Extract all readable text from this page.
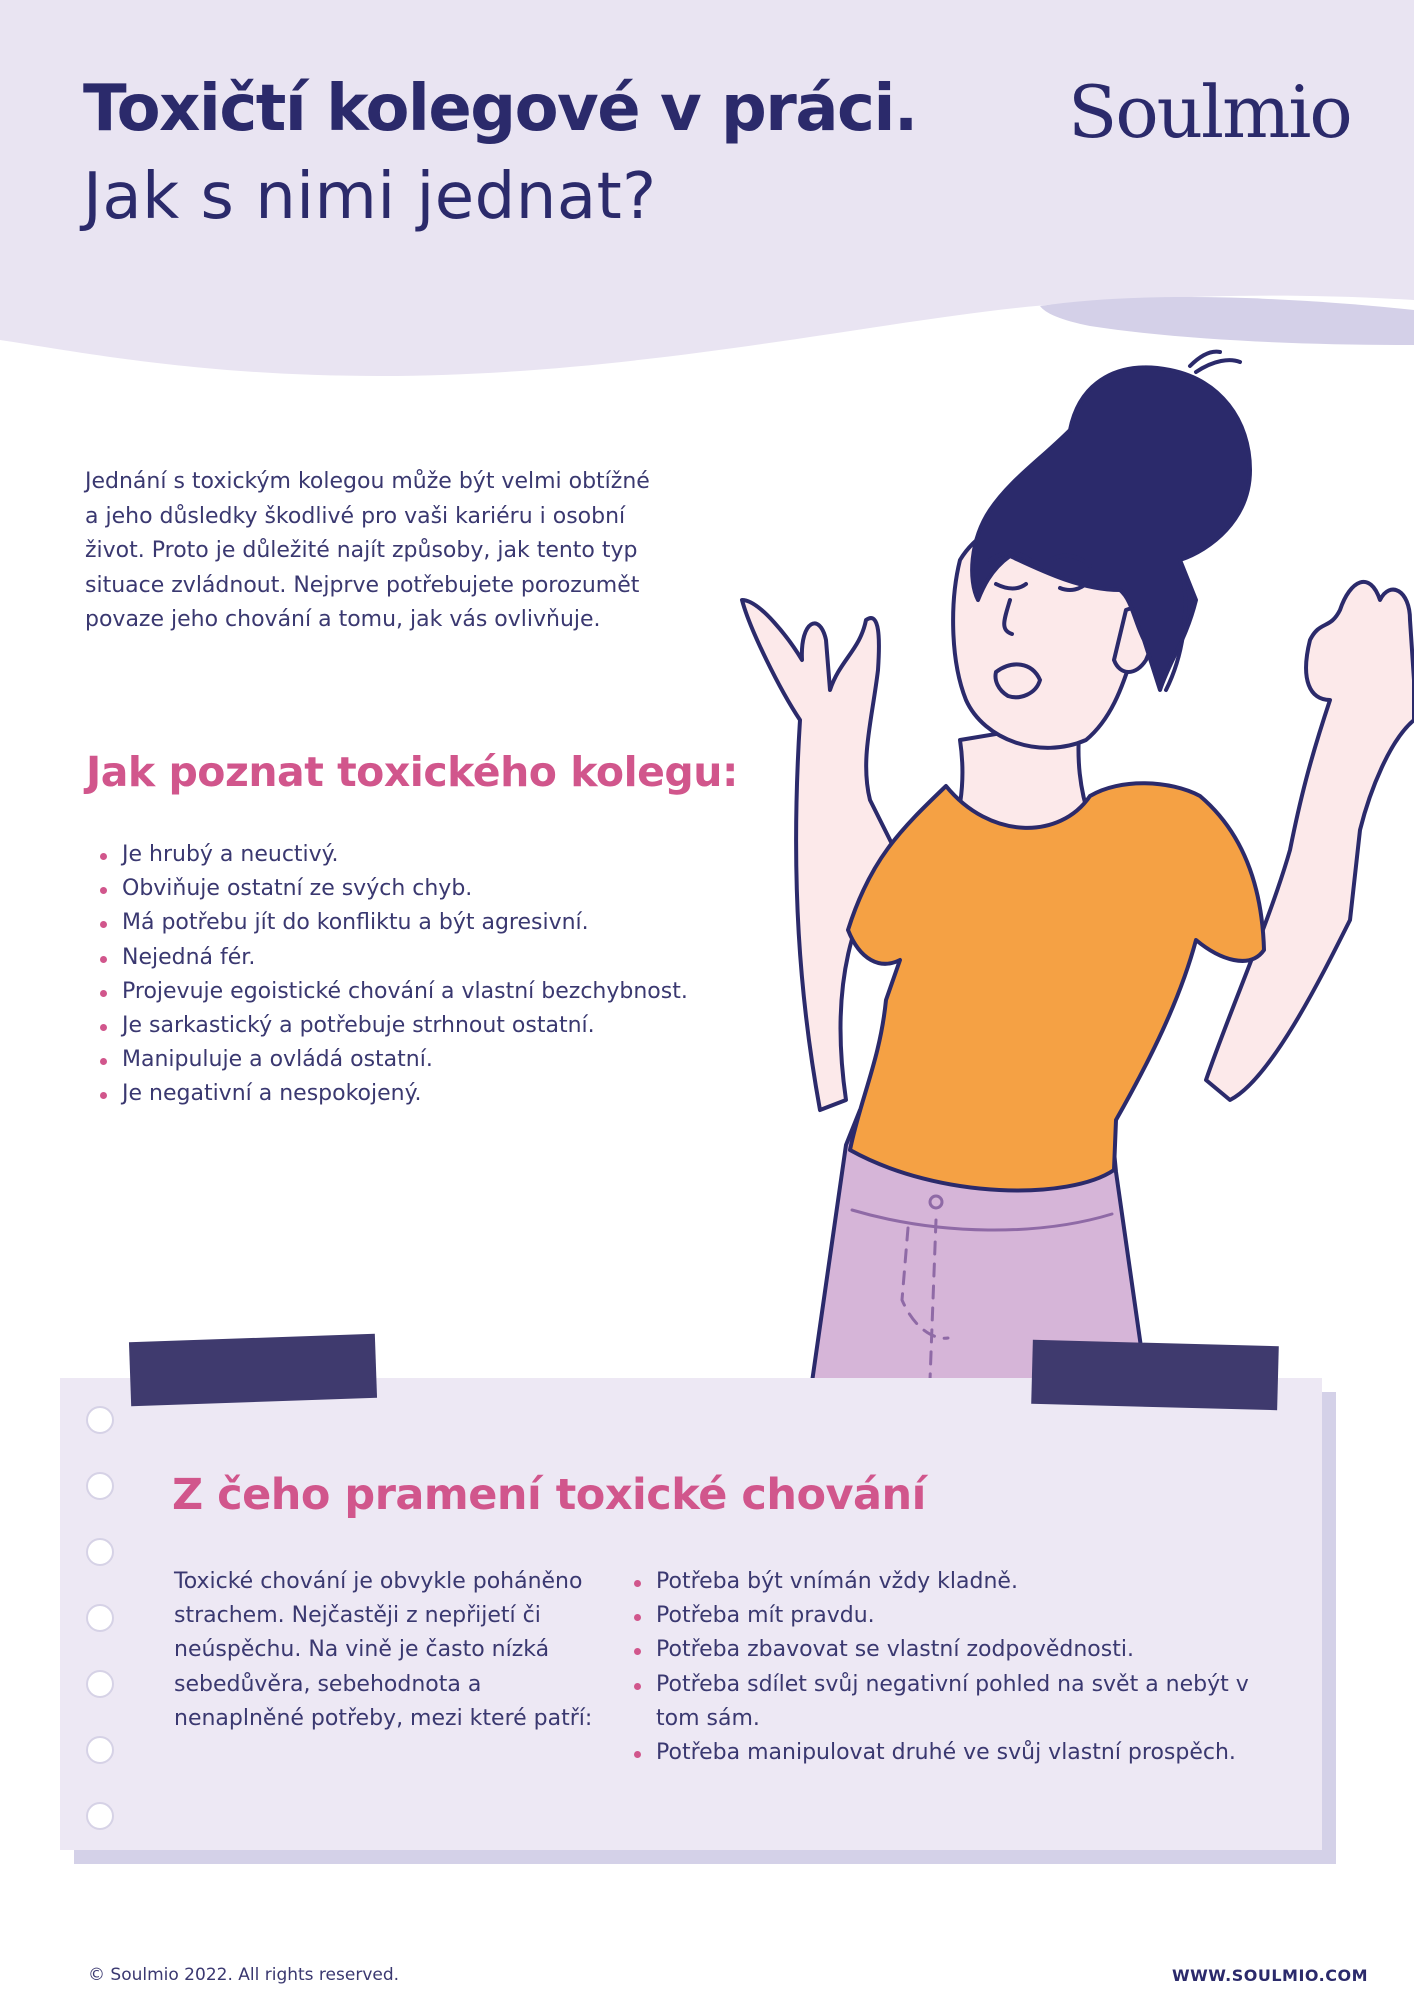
Toxičtí kolegové v práci.
Jak s nimi jednat?
Soulmio

Jednání s toxickým kolegou může být velmi obtížné a jeho důsledky škodlivé pro vaši kariéru i osobní život. Proto je důležité najít způsoby, jak tento typ situace zvládnout. Nejprve potřebujete porozumět povaze jeho chování a tomu, jak vás ovlivňuje.

Jak poznat toxického kolegu:
Je hrubý a neuctivý.
Obviňuje ostatní ze svých chyb.
Má potřebu jít do konfliktu a být agresivní.
Nejedná fér.
Projevuje egoistické chování a vlastní bezchybnost.
Je sarkastický a potřebuje strhnout ostatní.
Manipuluje a ovládá ostatní.
Je negativní a nespokojený.
Z čeho pramení toxické chování

Toxické chování je obvykle poháněno strachem. Nejčastěji z nepřijetí či neúspěchu. Na vině je často nízká sebedůvěra, sebehodnota a nenaplněné potřeby, mezi které patří:

Potřeba být vnímán vždy kladně.
Potřeba mít pravdu.
Potřeba zbavovat se vlastní zodpovědnosti.
Potřeba sdílet svůj negativní pohled na svět a nebýt v tom sám.
Potřeba manipulovat druhé ve svůj vlastní prospěch.
© Soulmio 2022. All rights reserved.	WWW.SOULMIO.COM
